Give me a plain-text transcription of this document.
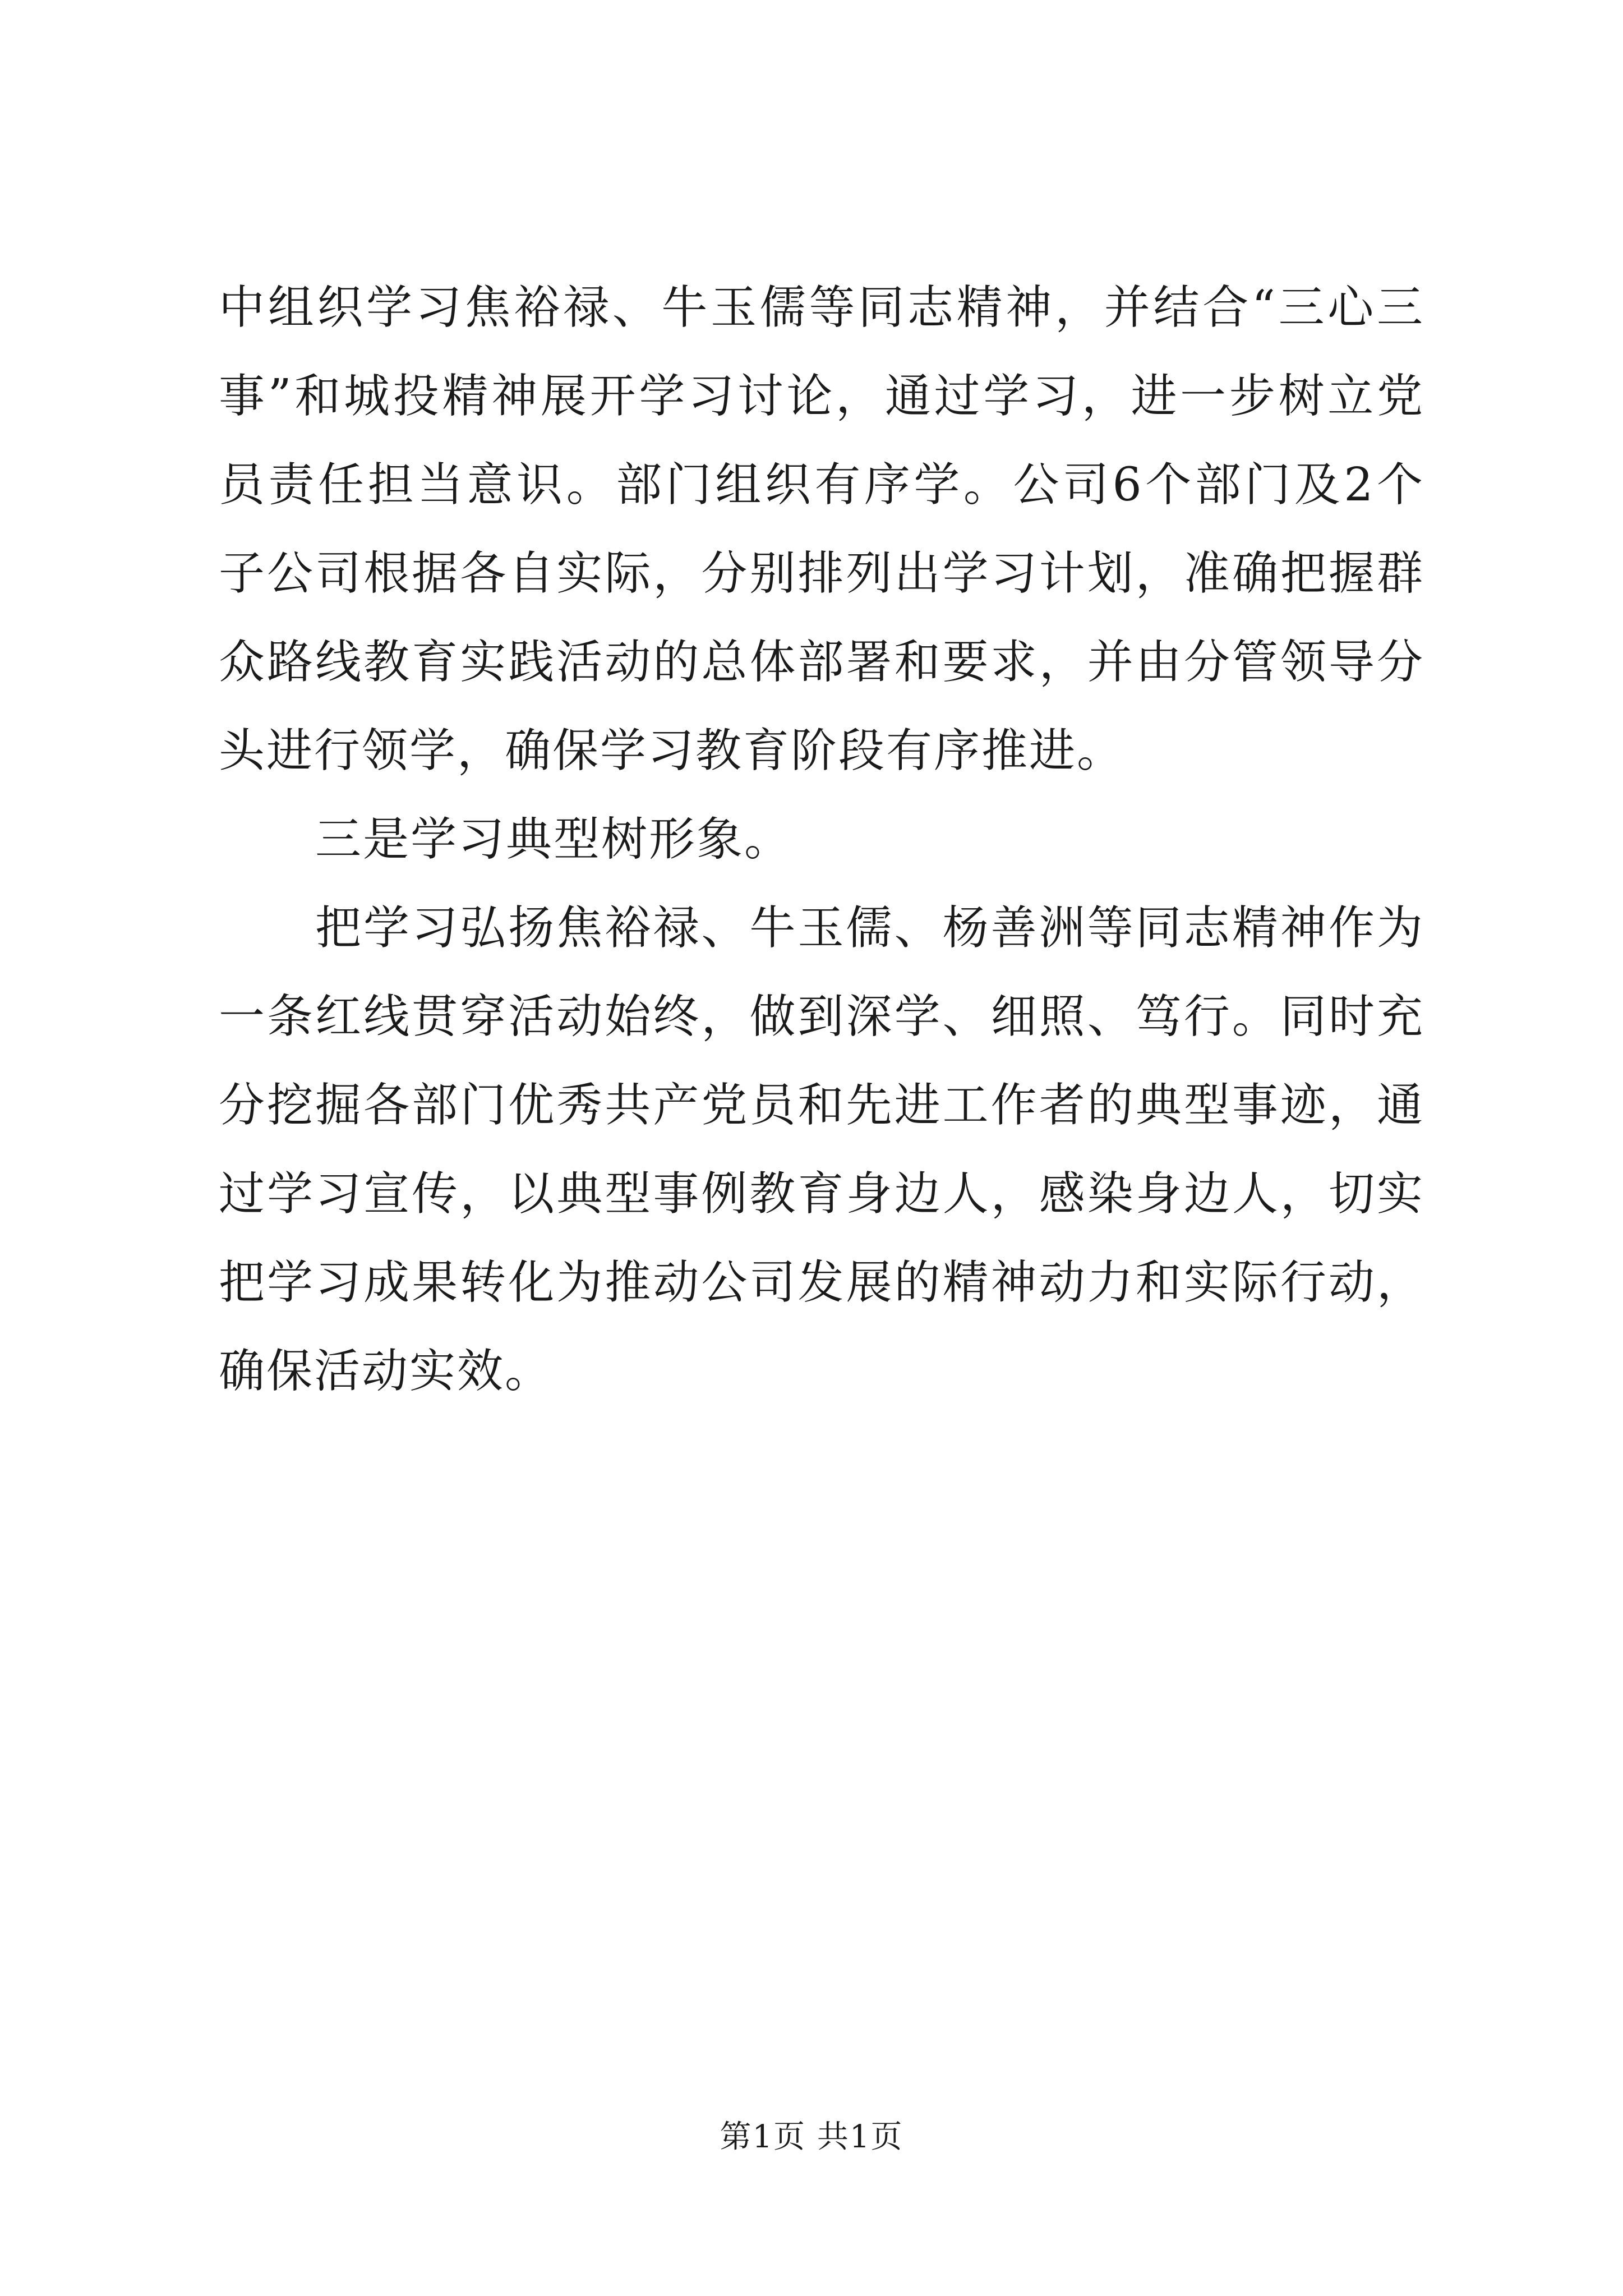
中组织学习焦裕禄、牛玉儒等同志精神，并结合“三心三事”和城投精神展开学习讨论，通过学习，进一步树立党员责任担当意识。部门组织有序学。公司6个部门及2个子公司根据各自实际，分别排列出学习计划，准确把握群众路线教育实践活动的总体部署和要求，并由分管领导分头进行领学，确保学习教育阶段有序推进。

三是学习典型树形象。

把学习弘扬焦裕禄、牛玉儒、杨善洲等同志精神作为一条红线贯穿活动始终，做到深学、细照、笃行。同时充分挖掘各部门优秀共产党员和先进工作者的典型事迹，通过学习宣传，以典型事例教育身边人，感染身边人，切实把学习成果转化为推动公司发展的精神动力和实际行动，确保活动实效。

第1页 共1页
